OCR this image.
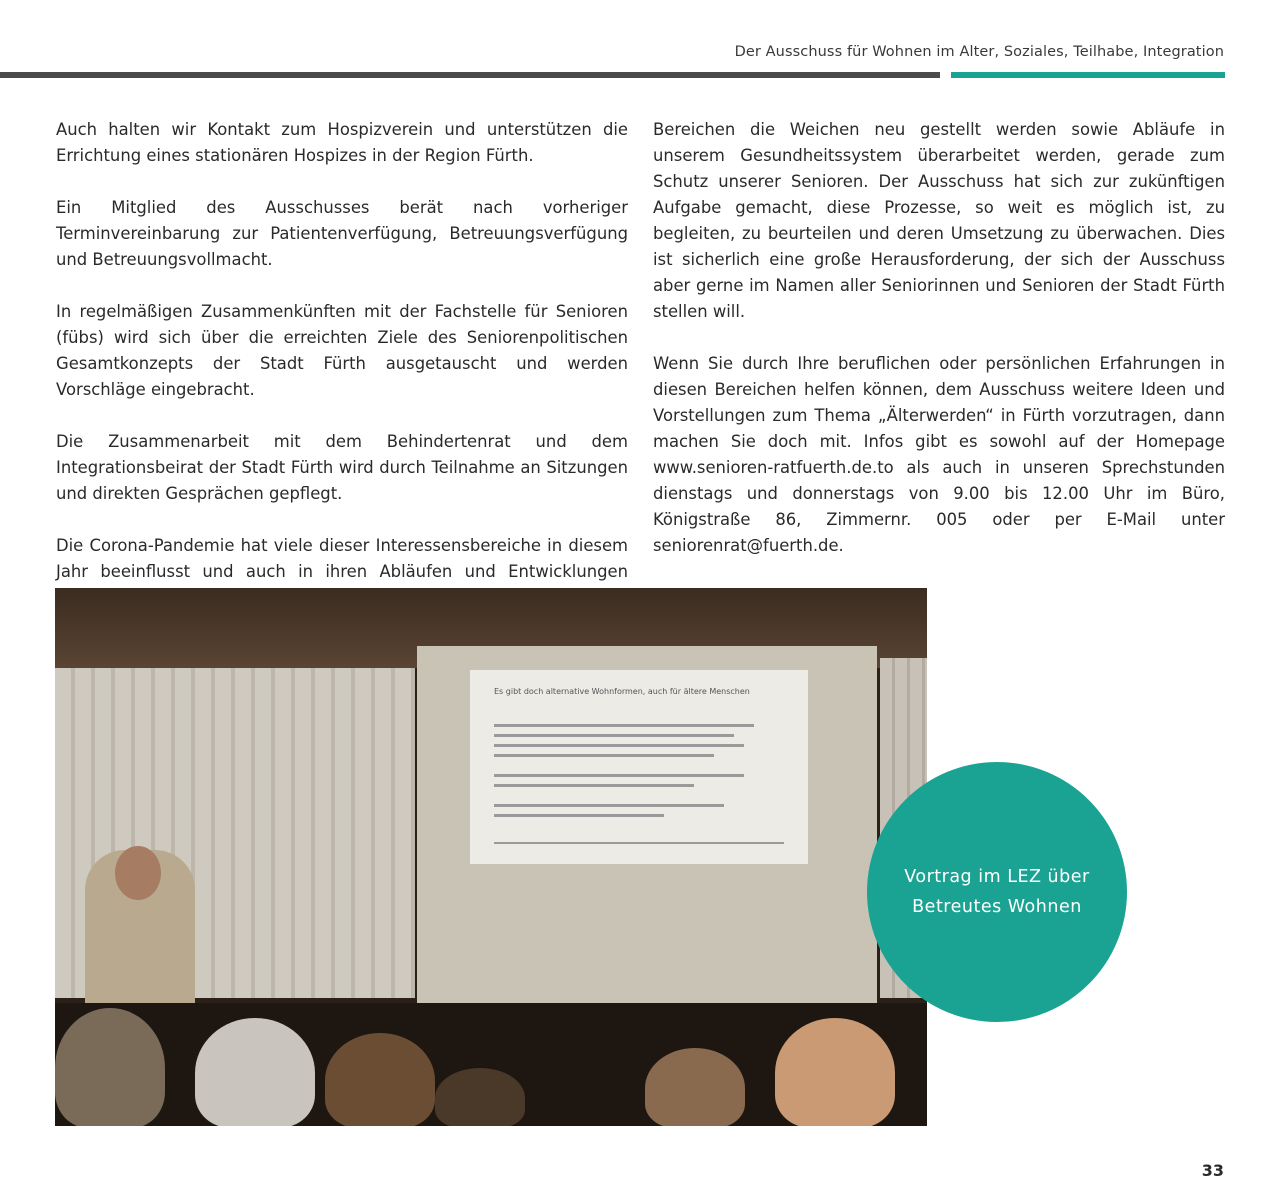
Der Ausschuss für Wohnen im Alter, Soziales, Teilhabe, Integration

Auch halten wir Kontakt zum Hospizverein und unterstützen die Errichtung eines stationären Hospizes in der Region Fürth.

Ein Mitglied des Ausschusses berät nach vorheriger Terminvereinbarung zur Patientenverfügung, Betreuungsverfügung und Betreuungsvollmacht.

In regelmäßigen Zusammenkünften mit der Fachstelle für Senioren (fübs) wird sich über die erreichten Ziele des Seniorenpolitischen Gesamtkonzepts der Stadt Fürth ausgetauscht und werden Vorschläge eingebracht.

Die Zusammenarbeit mit dem Behindertenrat und dem Integrationsbeirat der Stadt Fürth wird durch Teilnahme an Sitzungen und direkten Gesprächen gepflegt.

Die Corona-Pandemie hat viele dieser Interessensbereiche in diesem Jahr beeinflusst und auch in ihren Abläufen und Entwicklungen

Bereichen die Weichen neu gestellt werden sowie Abläufe in unserem Gesundheitssystem überarbeitet werden, gerade zum Schutz unserer Senioren. Der Ausschuss hat sich zur zukünftigen Aufgabe gemacht, diese Prozesse, so weit es möglich ist, zu begleiten, zu beurteilen und deren Umsetzung zu überwachen. Dies ist sicherlich eine große Herausforderung, der sich der Ausschuss aber gerne im Namen aller Seniorinnen und Senioren der Stadt Fürth stellen will.

Wenn Sie durch Ihre beruflichen oder persönlichen Erfahrungen in diesen Bereichen helfen können, dem Ausschuss weitere Ideen und Vorstellungen zum Thema „Älterwerden“ in Fürth vorzutragen, dann machen Sie doch mit. Infos gibt es sowohl auf der Homepage www.senioren-ratfuerth.de.to als auch in unseren Sprechstunden dienstags und donnerstags von 9.00 bis 12.00 Uhr im Büro, Königstraße 86, Zimmernr. 005 oder per E-Mail unter seniorenrat@fuerth.de.

Es gibt doch alternative Wohnformen, auch für ältere Menschen
Vortrag im LEZ über
Betreutes Wohnen
33
